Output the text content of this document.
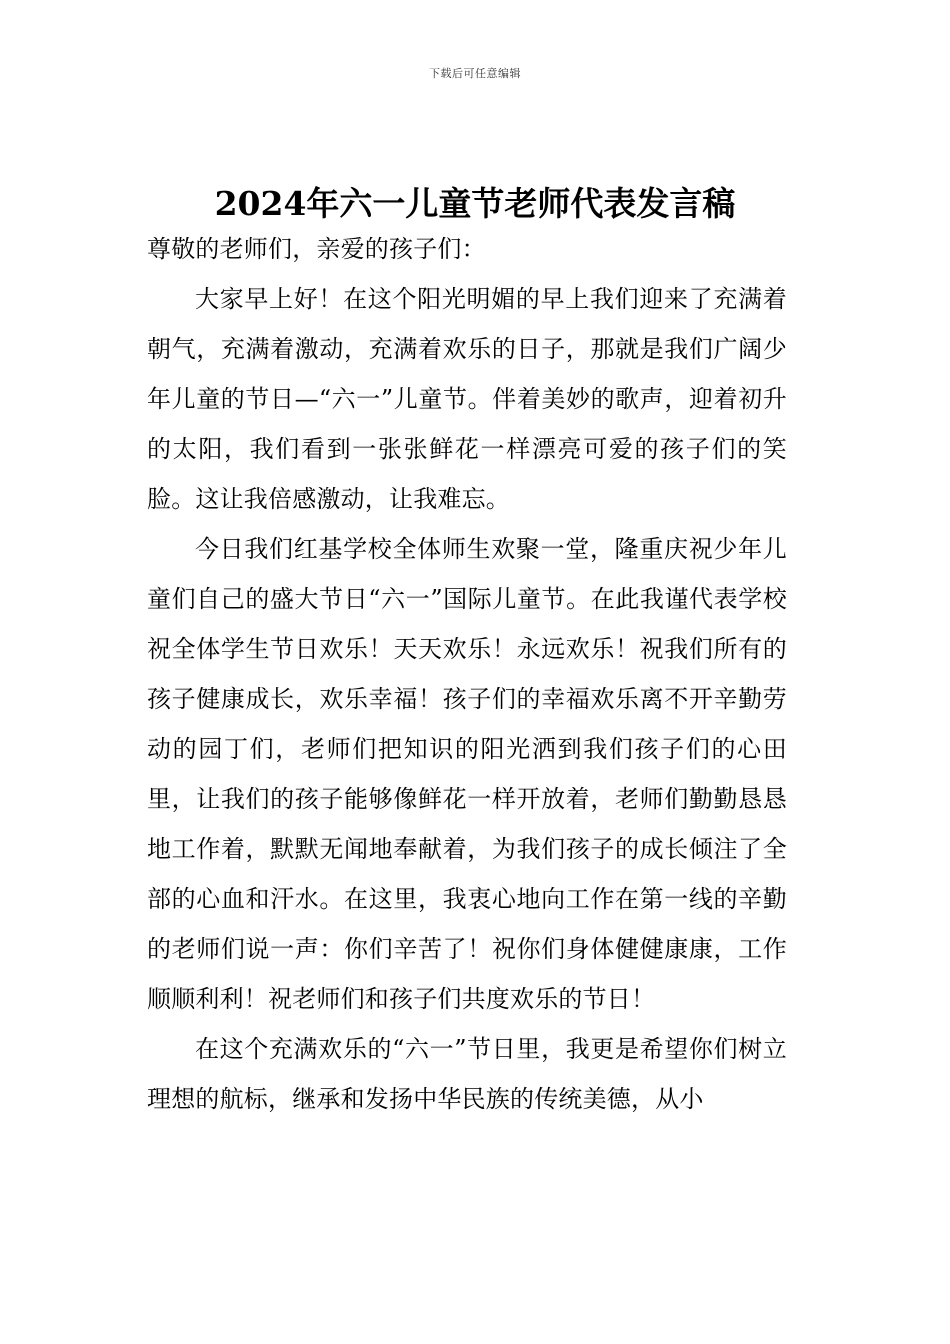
下载后可任意编辑
2024年六一儿童节老师代表发言稿

尊敬的老师们，亲爱的孩子们：

大家早上好！在这个阳光明媚的早上我们迎来了充满着朝气，充满着激动，充满着欢乐的日子，那就是我们广阔少年儿童的节日—“六一”儿童节。伴着美妙的歌声，迎着初升的太阳，我们看到一张张鲜花一样漂亮可爱的孩子们的笑脸。这让我倍感激动，让我难忘。

今日我们红基学校全体师生欢聚一堂，隆重庆祝少年儿童们自己的盛大节日“六一”国际儿童节。在此我谨代表学校祝全体学生节日欢乐！天天欢乐！永远欢乐！祝我们所有的孩子健康成长，欢乐幸福！孩子们的幸福欢乐离不开辛勤劳动的园丁们，老师们把知识的阳光洒到我们孩子们的心田里，让我们的孩子能够像鲜花一样开放着，老师们勤勤恳恳地工作着，默默无闻地奉献着，为我们孩子的成长倾注了全部的心血和汗水。在这里，我衷心地向工作在第一线的辛勤的老师们说一声：你们辛苦了！祝你们身体健健康康，工作顺顺利利！祝老师们和孩子们共度欢乐的节日！

在这个充满欢乐的“六一”节日里，我更是希望你们树立理想的航标，继承和发扬中华民族的传统美德，从小
